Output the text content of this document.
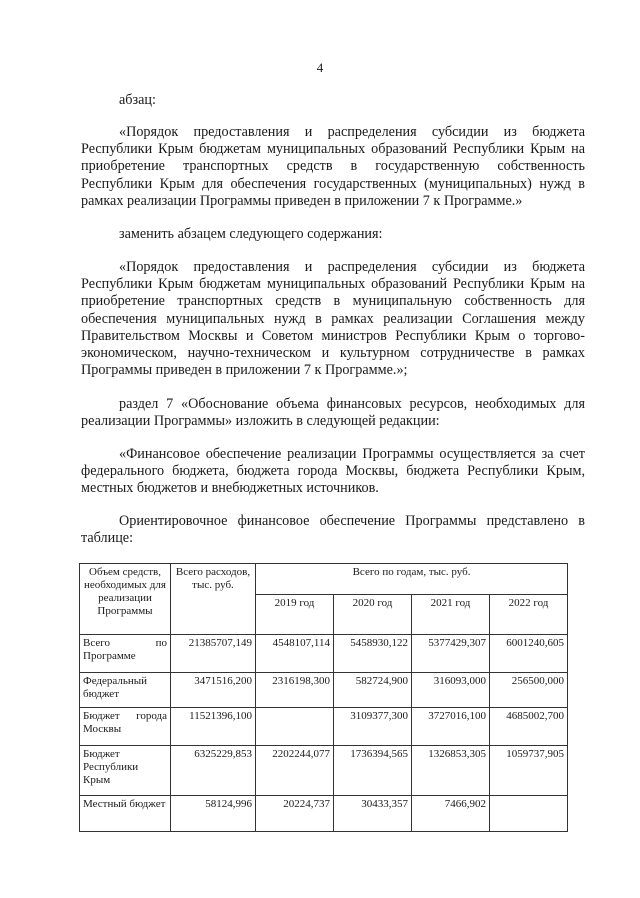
4
абзац:
«Порядок предоставления и распределения субсидии из бюджета Республики Крым бюджетам муниципальных образований Республики Крым на приобретение транспортных средств в государственную собственность Республики Крым для обеспечения государственных (муниципальных) нужд в рамках реализации Программы приведен в приложении 7 к Программе.»
заменить абзацем следующего содержания:
«Порядок предоставления и распределения субсидии из бюджета Республики Крым бюджетам муниципальных образований Республики Крым на приобретение транспортных средств в муниципальную собственность для обеспечения муниципальных нужд в рамках реализации Соглашения между Правительством Москвы и Советом министров Республики Крым о торгово-экономическом, научно-техническом и культурном сотрудничестве в рамках Программы приведен в приложении 7 к Программе.»;
раздел 7 «Обоснование объема финансовых ресурсов, необходимых для реализации Программы» изложить в следующей редакции:
«Финансовое обеспечение реализации Программы осуществляется за счет федерального бюджета, бюджета города Москвы, бюджета Республики Крым, местных бюджетов и внебюджетных источников.
Ориентировочное финансовое обеспечение Программы представлено в таблице:
Объем средств, необходимых для реализации Программы	Всего расходов, тыс. руб.	Всего по годам, тыс. руб.			
		2019 год	2020 год	2021 год	2022 год
Всего по Программе	21385707,149	4548107,114	5458930,122	5377429,307	6001240,605
Федеральный бюджет	3471516,200	2316198,300	582724,900	316093,000	256500,000
Бюджет города Москвы	11521396,100		3109377,300	3727016,100	4685002,700
Бюджет Республики Крым	6325229,853	2202244,077	1736394,565	1326853,305	1059737,905
Местный бюджет	58124,996	20224,737	30433,357	7466,902	
